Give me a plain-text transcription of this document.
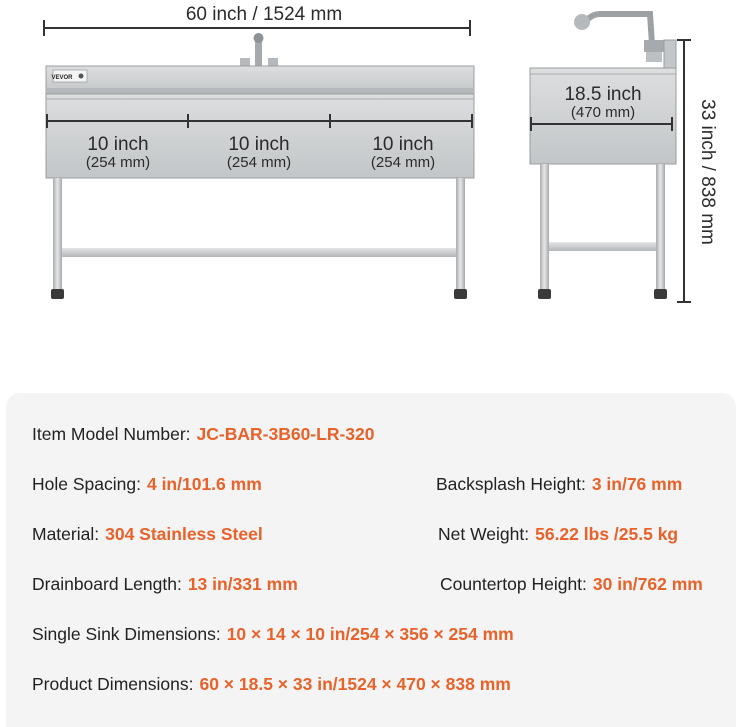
60 inch / 1524 mm
VEVOR
10 inch
(254 mm)
10 inch
(254 mm)
10 inch
(254 mm)
18.5 inch
(470 mm)	33 inch / 838 mm
Item Model Number: JC-BAR-3B60-LR-320
Hole Spacing: 4 in/101.6 mm	Backsplash Height: 3 in/76 mm
Material: 304 Stainless Steel	Net Weight: 56.22 lbs /25.5 kg
Drainboard Length: 13 in/331 mm	Countertop Height: 30 in/762 mm
Single Sink Dimensions: 10 × 14 × 10 in/254 × 356 × 254 mm
Product Dimensions: 60 × 18.5 × 33 in/1524 × 470 × 838 mm
